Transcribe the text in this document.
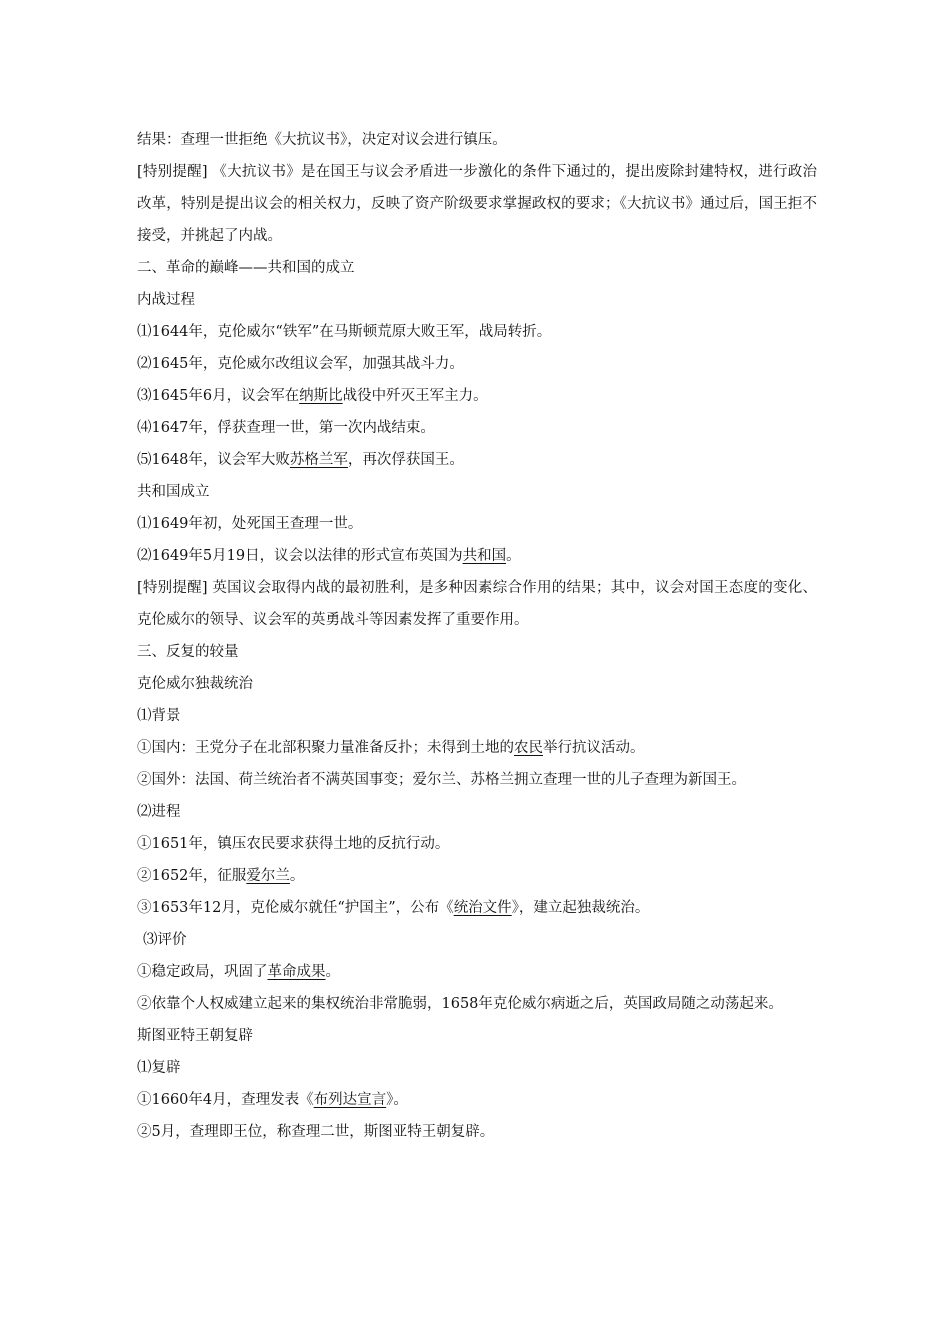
结果：查理一世拒绝《大抗议书》，决定对议会进行镇压。
[特别提醒] 《大抗议书》是在国王与议会矛盾进一步激化的条件下通过的，提出废除封建特权，进行政治改革，特别是提出议会的相关权力，反映了资产阶级要求掌握政权的要求；《大抗议书》通过后，国王拒不接受，并挑起了内战。
二、革命的巅峰——共和国的成立
内战过程
⑴1644年，克伦威尔“铁军”在马斯顿荒原大败王军，战局转折。
⑵1645年，克伦威尔改组议会军，加强其战斗力。
⑶1645年6月，议会军在纳斯比战役中歼灭王军主力。
⑷1647年，俘获查理一世，第一次内战结束。
⑸1648年，议会军大败苏格兰军，再次俘获国王。
共和国成立
⑴1649年初，处死国王查理一世。
⑵1649年5月19日，议会以法律的形式宣布英国为共和国。
[特别提醒] 英国议会取得内战的最初胜利，是多种因素综合作用的结果；其中，议会对国王态度的变化、克伦威尔的领导、议会军的英勇战斗等因素发挥了重要作用。
三、反复的较量
克伦威尔独裁统治
⑴背景
①国内：王党分子在北部积聚力量准备反扑；未得到土地的农民举行抗议活动。
②国外：法国、荷兰统治者不满英国事变；爱尔兰、苏格兰拥立查理一世的儿子查理为新国王。
⑵进程
①1651年，镇压农民要求获得土地的反抗行动。
②1652年，征服爱尔兰。
③1653年12月，克伦威尔就任“护国主”，公布《统治文件》，建立起独裁统治。
⑶评价
①稳定政局，巩固了革命成果。
②依靠个人权威建立起来的集权统治非常脆弱，1658年克伦威尔病逝之后，英国政局随之动荡起来。
斯图亚特王朝复辟
⑴复辟
①1660年4月，查理发表《布列达宣言》。
②5月，查理即王位，称查理二世，斯图亚特王朝复辟。
